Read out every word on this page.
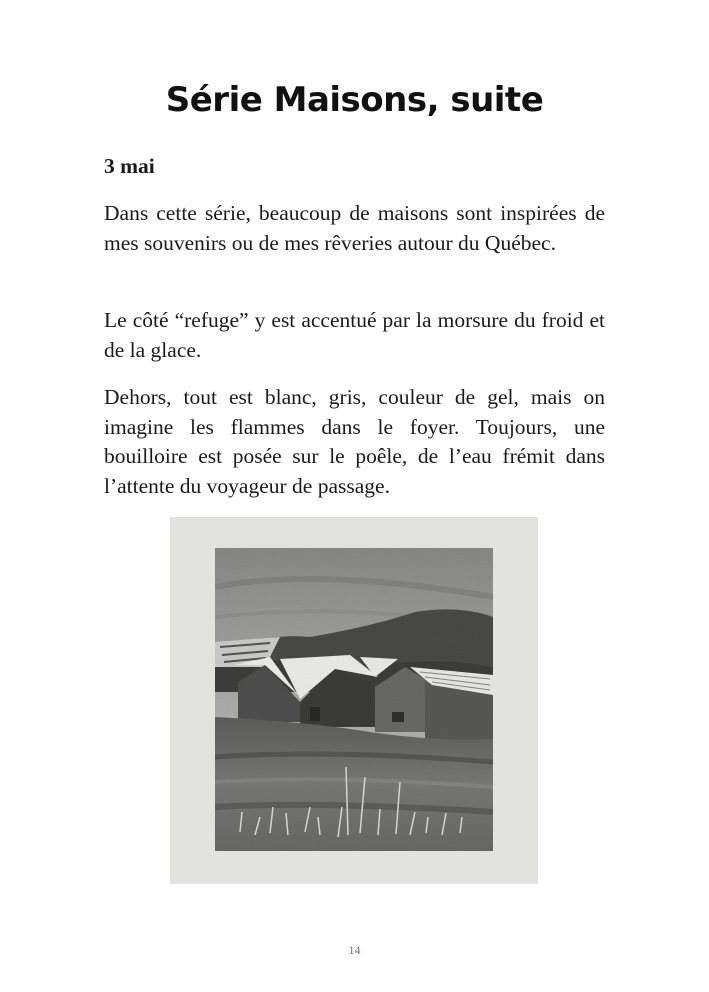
Série Maisons, suite

3 mai

Dans cette série, beaucoup de maisons sont inspirées de mes souvenirs ou de mes rêveries autour du Québec.

Le côté “refuge” y est accentué par la morsure du froid et de la glace.

Dehors, tout est blanc, gris, couleur de gel, mais on imagine les flammes dans le foyer. Toujours, une bouilloire est posée sur le poêle, de l’eau frémit dans l’attente du voyageur de passage.

14
